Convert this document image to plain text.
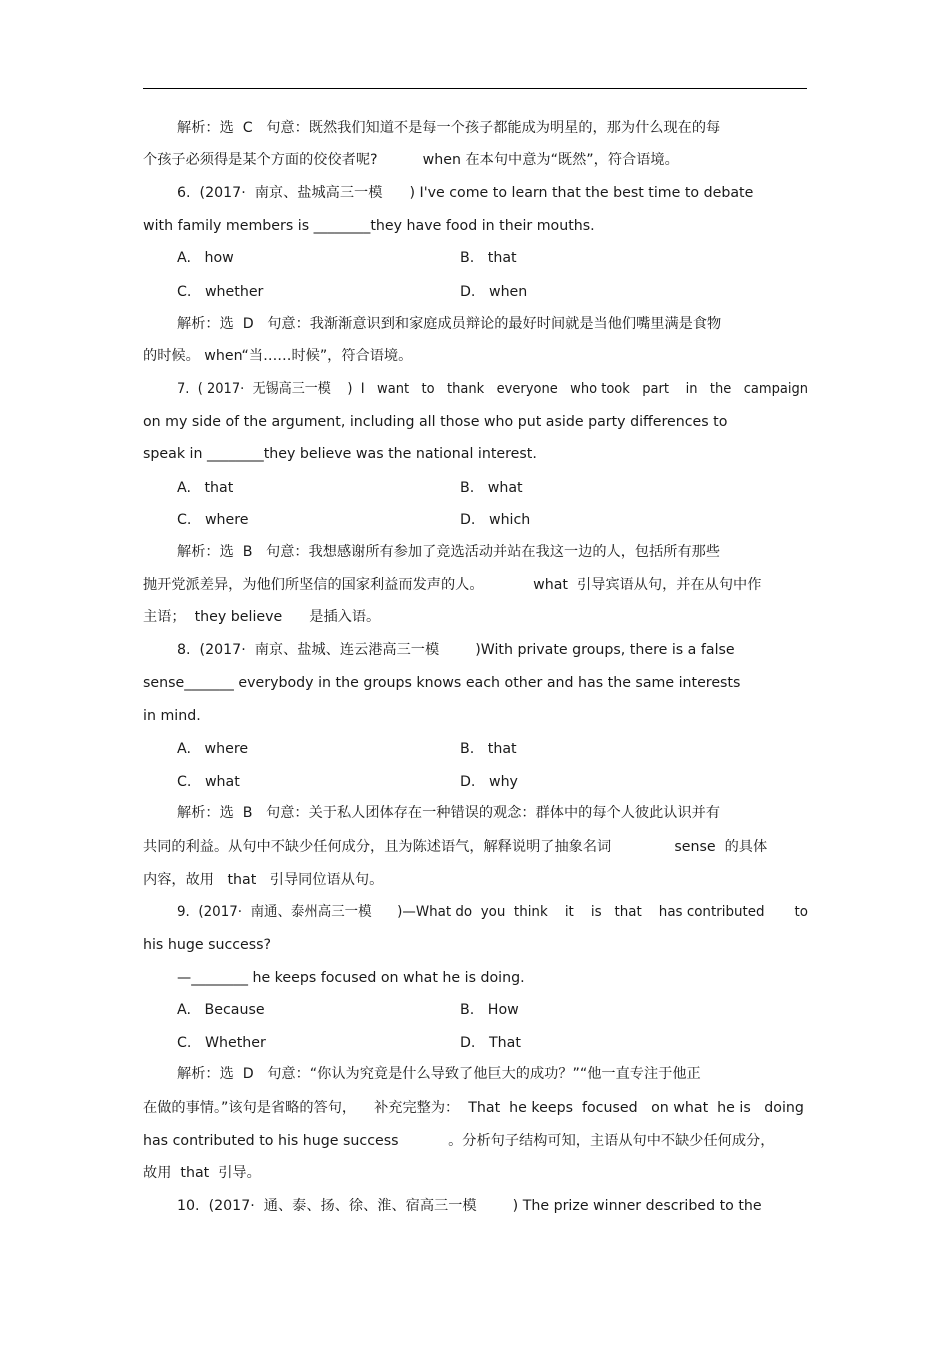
解析：选  C   句意：既然我们知道不是每一个孩子都能成为明星的，那为什么现在的每
个孩子必须得是某个方面的佼佼者呢?          when 在本句中意为“既然”，符合语境。
6.  (2017·  南京、盐城高三一模      ) I've come to learn that the best time to debate
with family members is ________they have food in their mouths.
A.   how	B.   that
C.   whether	D.   when
解析：选  D   句意：我渐渐意识到和家庭成员辩论的最好时间就是当他们嘴里满是食物
的时候。 when“当……时候”，符合语境。
7.  ( 2017·  无锡高三一模    )  I   want   to   thank   everyone   who took   part    in   the   campaign
on my side of the argument, including all those who put aside party differences to
speak in ________they believe was the national interest.
A.   that	B.   what
C.   where	D.   which
解析：选  B   句意：我想感谢所有参加了竞选活动并站在我这一边的人，包括所有那些
抛开党派差异，为他们所坚信的国家利益而发声的人。           what  引导宾语从句，并在从句中作
主语；  they believe      是插入语。
8.  (2017·  南京、盐城、连云港高三一模        )With private groups, there is a false
sense_______ everybody in the groups knows each other and has the same interests
in mind.
A.   where	B.   that
C.   what	D.   why
解析：选  B   句意：关于私人团体存在一种错误的观念：群体中的每个人彼此认识并有
共同的利益。从句中不缺少任何成分，且为陈述语气，解释说明了抽象名词              sense  的具体
内容，故用   that   引导同位语从句。
9.  (2017·  南通、泰州高三一模      )—What do  you  think    it    is   that    has contributed       to
his huge success?
—________ he keeps focused on what he is doing.
A.   Because	B.   How
C.   Whether	D.   That
解析：选  D   句意：“你认为究竟是什么导致了他巨大的成功？”“他一直专注于他正
在做的事情。”该句是省略的答句，    补充完整为：  That  he keeps  focused   on what  he is   doing
has contributed to his huge success           。分析句子结构可知，主语从句中不缺少任何成分，
故用  that  引导。
10.  (2017·  通、泰、扬、徐、淮、宿高三一模        ) The prize winner described to the
